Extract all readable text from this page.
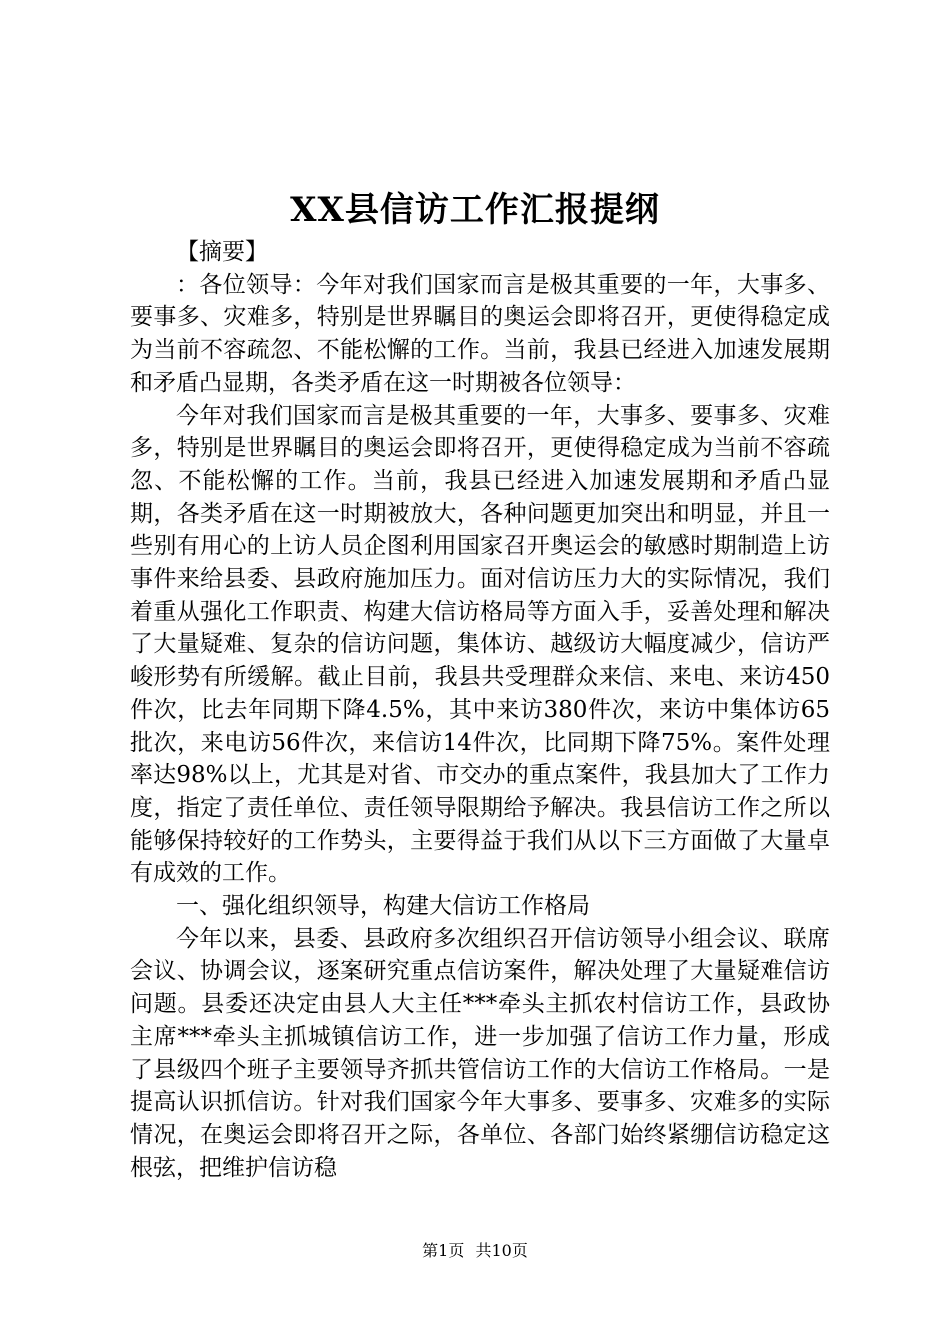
XX县信访工作汇报提纲

【摘要】

：各位领导：今年对我们国家而言是极其重要的一年，大事多、要事多、灾难多，特别是世界瞩目的奥运会即将召开，更使得稳定成为当前不容疏忽、不能松懈的工作。当前，我县已经进入加速发展期和矛盾凸显期，各类矛盾在这一时期被各位领导：

今年对我们国家而言是极其重要的一年，大事多、要事多、灾难多，特别是世界瞩目的奥运会即将召开，更使得稳定成为当前不容疏忽、不能松懈的工作。当前，我县已经进入加速发展期和矛盾凸显期，各类矛盾在这一时期被放大，各种问题更加突出和明显，并且一些别有用心的上访人员企图利用国家召开奥运会的敏感时期制造上访事件来给县委、县政府施加压力。面对信访压力大的实际情况，我们着重从强化工作职责、构建大信访格局等方面入手，妥善处理和解决了大量疑难、复杂的信访问题，集体访、越级访大幅度减少，信访严峻形势有所缓解。截止目前，我县共受理群众来信、来电、来访450件次，比去年同期下降4.5%，其中来访380件次，来访中集体访65批次，来电访56件次，来信访14件次，比同期下降75%。案件处理率达98%以上，尤其是对省、市交办的重点案件，我县加大了工作力度，指定了责任单位、责任领导限期给予解决。我县信访工作之所以能够保持较好的工作势头，主要得益于我们从以下三方面做了大量卓有成效的工作。

一、强化组织领导，构建大信访工作格局

今年以来，县委、县政府多次组织召开信访领导小组会议、联席会议、协调会议，逐案研究重点信访案件，解决处理了大量疑难信访问题。县委还决定由县人大主任***牵头主抓农村信访工作，县政协主席***牵头主抓城镇信访工作，进一步加强了信访工作力量，形成了县级四个班子主要领导齐抓共管信访工作的大信访工作格局。一是提高认识抓信访。针对我们国家今年大事多、要事多、灾难多的实际情况，在奥运会即将召开之际，各单位、各部门始终紧绷信访稳定这根弦，把维护信访稳

第1页 共10页
